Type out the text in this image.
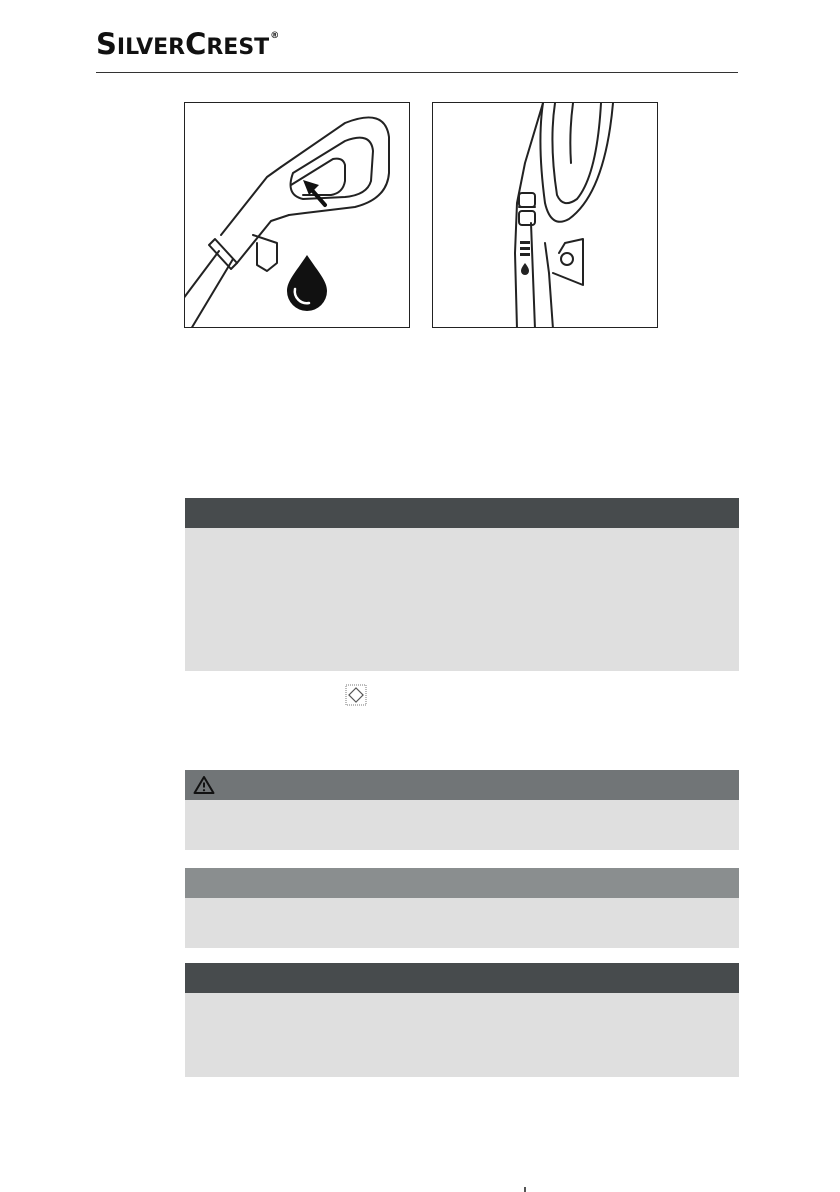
SILVERCREST®
